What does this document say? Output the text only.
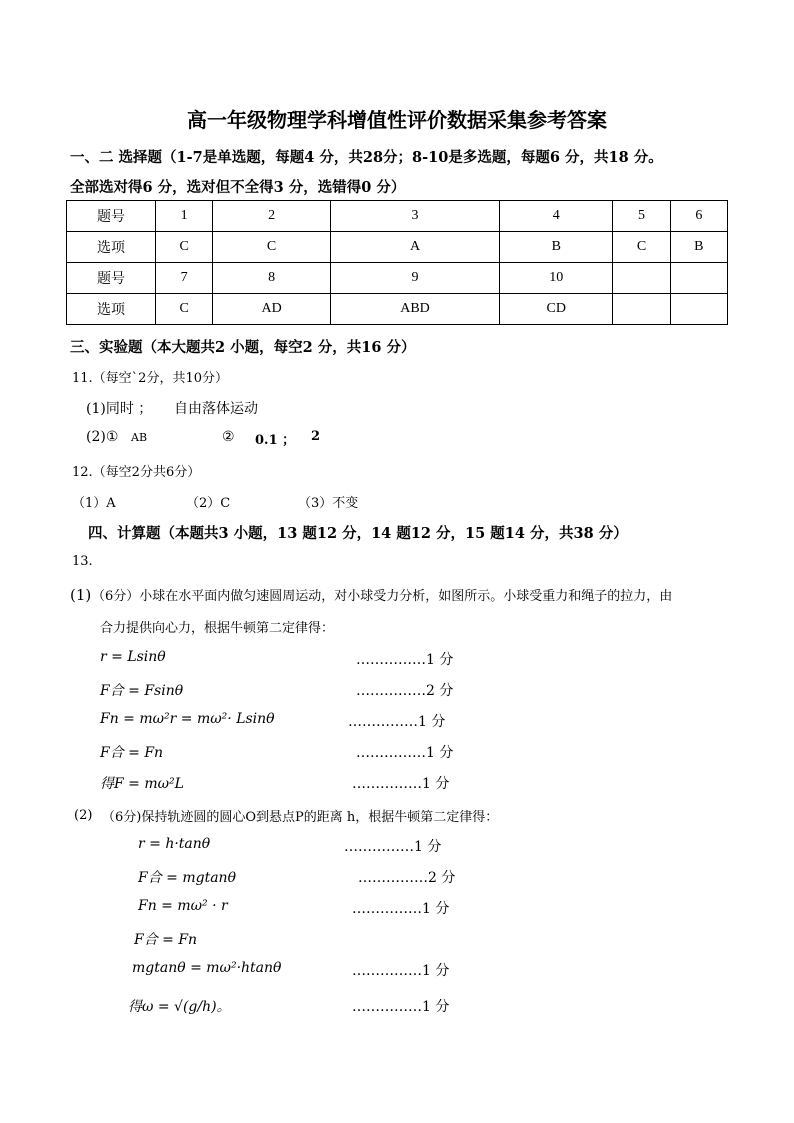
高一年级物理学科增值性评价数据采集参考答案
一、二 选择题（1-7是单选题，每题4 分，共28分；8-10是多选题，每题6 分，共18 分。
全部选对得6 分，选对但不全得3 分，选错得0 分）
题号	1	2	3	4	5	6
选项	C	C	A	B	C	B
题号	7	8	9	10		
选项	C	AD	ABD	CD		
三、实验题（本大题共2 小题，每空2 分，共16 分）
11.（每空`2分，共10分）
(1)同时 ； 自由落体运动
(2)① AB	② 0.1 ； 2
12.（每空2分共6分）
（1）A	（2）C	（3）不变
四、计算题（本题共3 小题，13 题12 分，14 题12 分，15 题14 分，共38 分）
13.
(1) （6分）小球在水平面内做匀速圆周运动，对小球受力分析，如图所示。小球受重力和绳子的拉力，由
合力提供向心力，根据牛顿第二定律得：
r = Lsinθ	……………1 分
F合 = Fsinθ	……………2 分
Fn = mω²r = mω²· Lsinθ	……………1 分
F合 = Fn	……………1 分
得F = mω²L	……………1 分
(2) （6分)保持轨迹圆的圆心O到悬点P的距离 h，根据牛顿第二定律得：
r = h·tanθ	……………1 分
F合 = mgtanθ	……………2 分
Fn = mω² · r	……………1 分
F合 = Fn
mgtanθ = mω²·htanθ	……………1 分
得ω = √(g/h)。	……………1 分
